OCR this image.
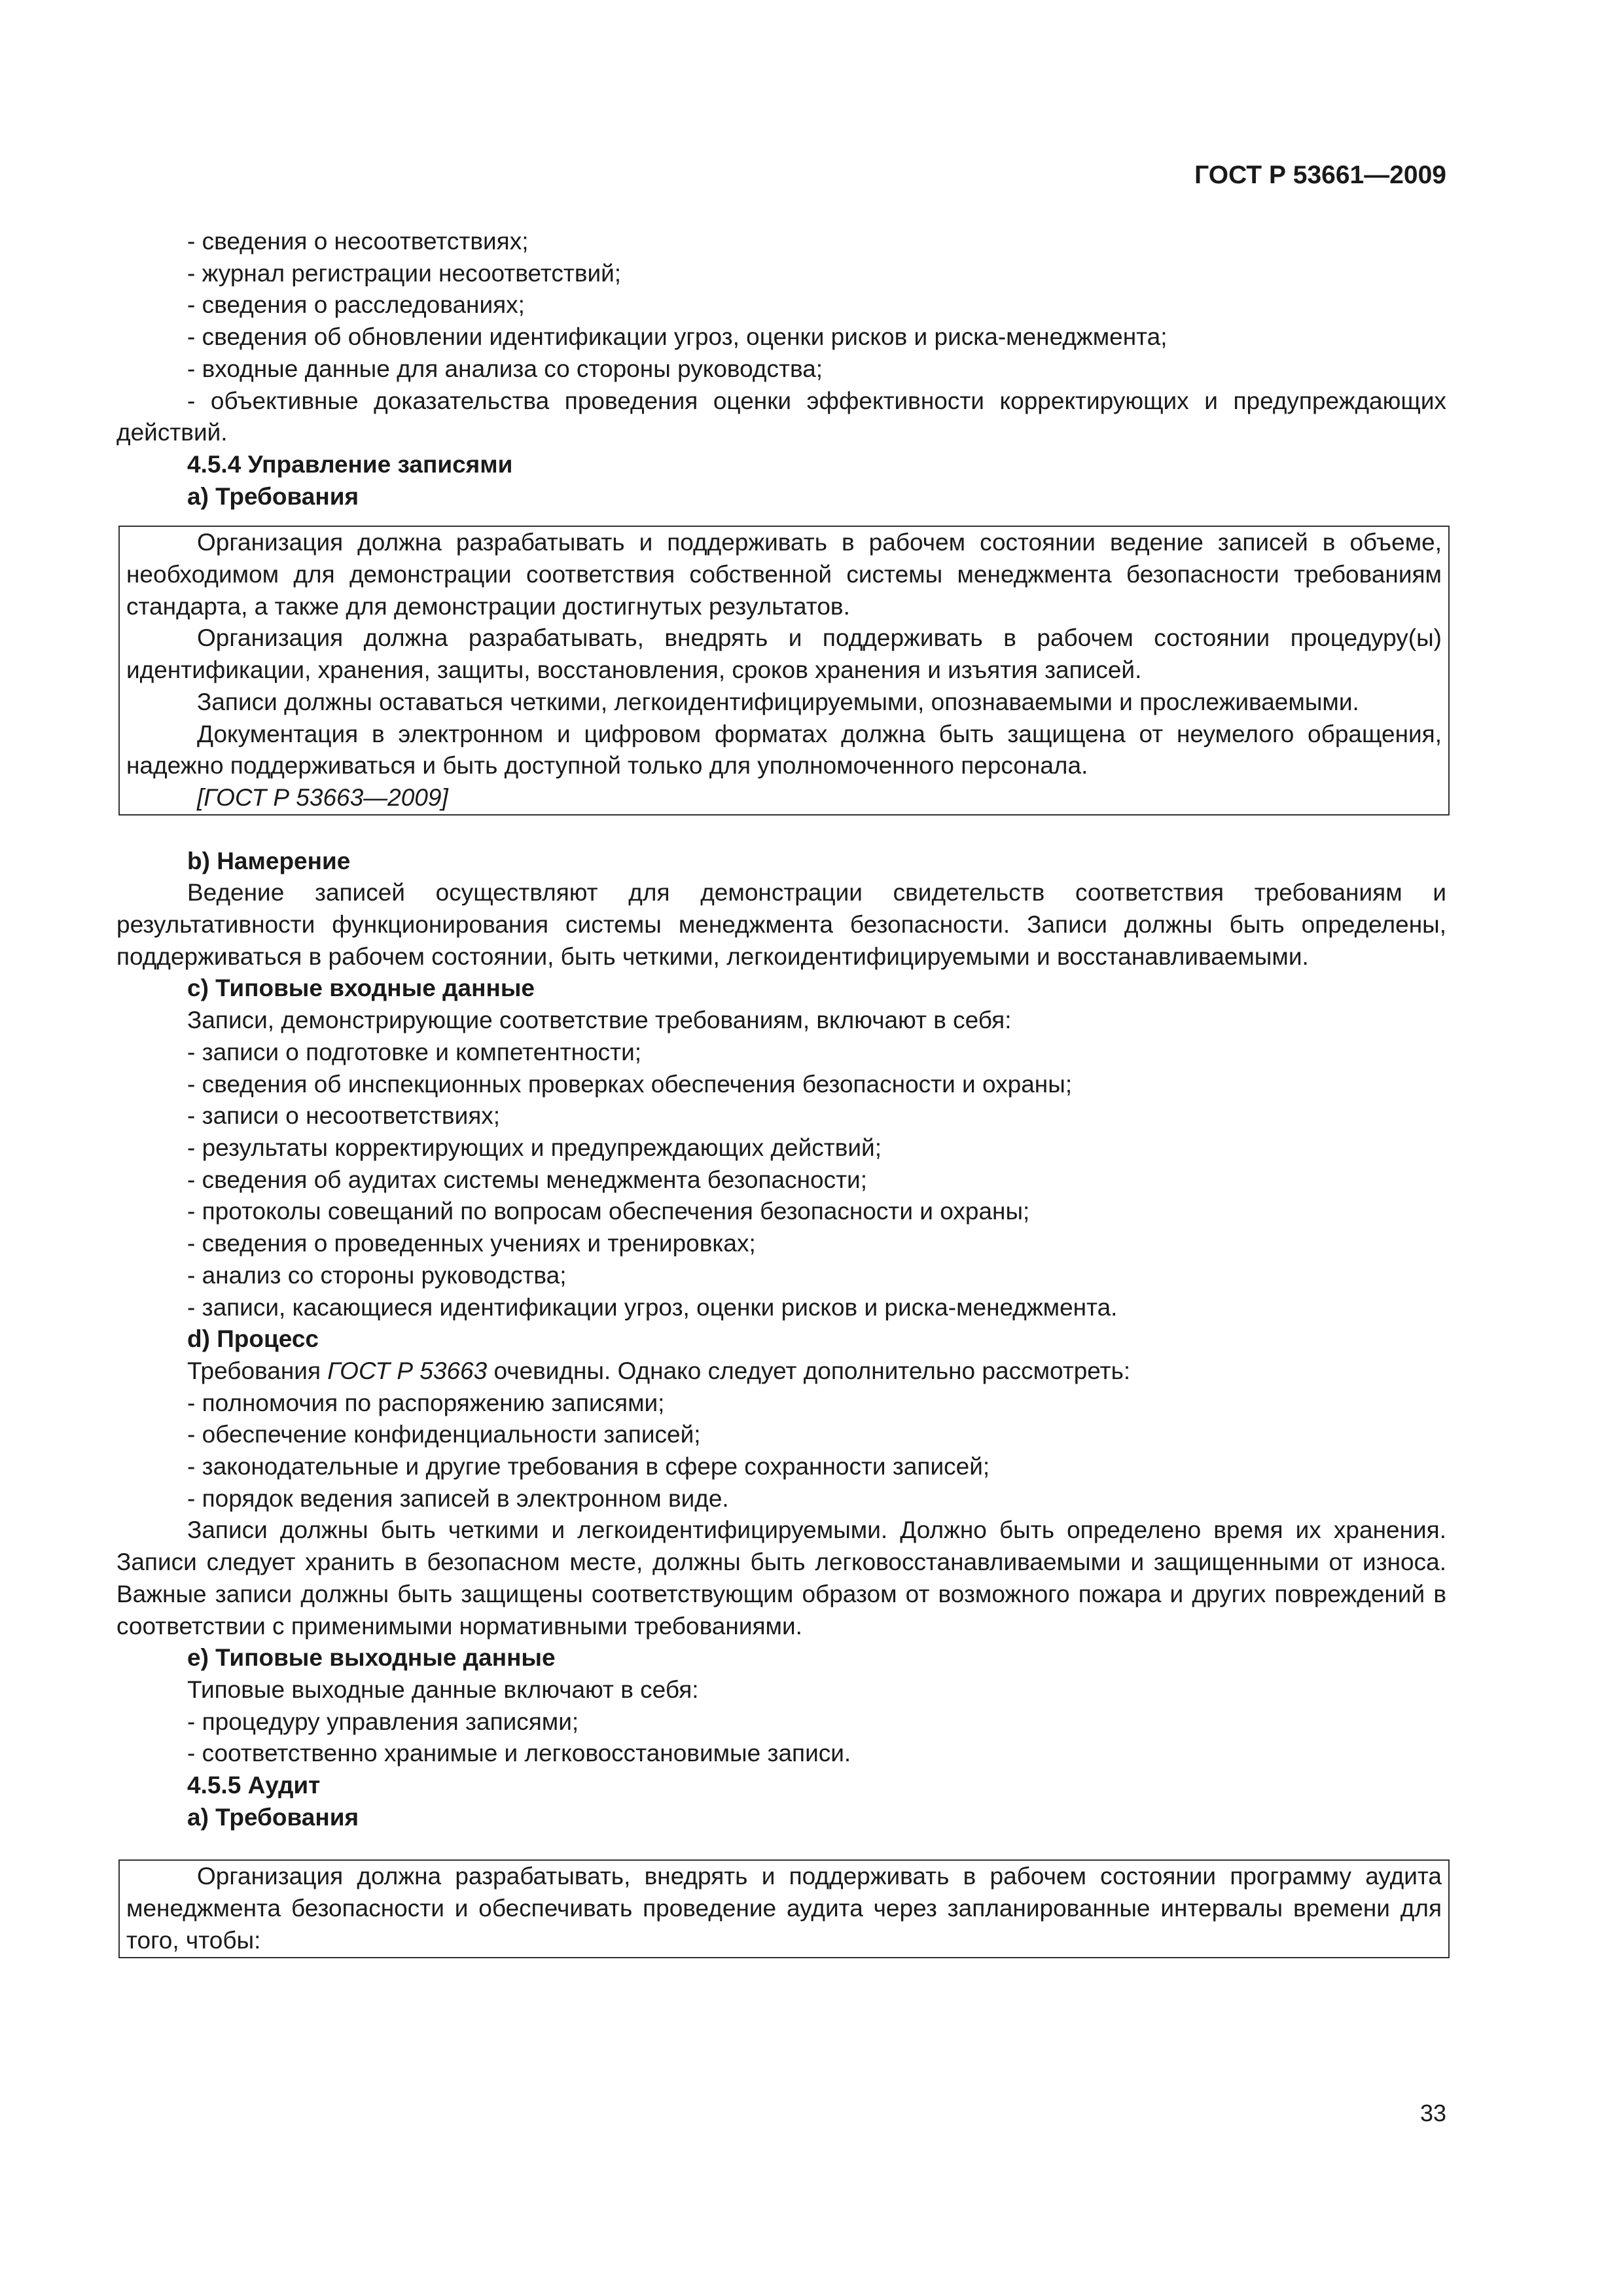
ГОСТ Р 53661—2009
- сведения о несоответствиях;
- журнал регистрации несоответствий;
- сведения о расследованиях;
- сведения об обновлении идентификации угроз, оценки рисков и риска-менеджмента;
- входные данные для анализа со стороны руководства;

- объективные доказательства проведения оценки эффективности корректирующих и предупреждающих действий.

4.5.4 Управление записями
a) Требования

Организация должна разрабатывать и поддерживать в рабочем состоянии ведение записей в объеме, необходимом для демонстрации соответствия собственной системы менеджмента безопасности требованиям стандарта, а также для демонстрации достигнутых результатов.

Организация должна разрабатывать, внедрять и поддерживать в рабочем состоянии процедуру(ы) идентификации, хранения, защиты, восстановления, сроков хранения и изъятия записей.

Записи должны оставаться четкими, легкоидентифицируемыми, опознаваемыми и прослеживаемыми.

Документация в электронном и цифровом форматах должна быть защищена от неумелого обращения, надежно поддерживаться и быть доступной только для уполномоченного персонала.

[ГОСТ Р 53663—2009]

b) Намерение

Ведение записей осуществляют для демонстрации свидетельств соответствия требованиям и результативности функционирования системы менеджмента безопасности. Записи должны быть определены, поддерживаться в рабочем состоянии, быть четкими, легкоидентифицируемыми и восстанавливаемыми.

c) Типовые входные данные
Записи, демонстрирующие соответствие требованиям, включают в себя:
- записи о подготовке и компетентности;
- сведения об инспекционных проверках обеспечения безопасности и охраны;
- записи о несоответствиях;
- результаты корректирующих и предупреждающих действий;
- сведения об аудитах системы менеджмента безопасности;
- протоколы совещаний по вопросам обеспечения безопасности и охраны;
- сведения о проведенных учениях и тренировках;
- анализ со стороны руководства;
- записи, касающиеся идентификации угроз, оценки рисков и риска-менеджмента.
d) Процесс
Требования ГОСТ Р 53663 очевидны. Однако следует дополнительно рассмотреть:
- полномочия по распоряжению записями;
- обеспечение конфиденциальности записей;
- законодательные и другие требования в сфере сохранности записей;
- порядок ведения записей в электронном виде.

Записи должны быть четкими и легкоидентифицируемыми. Должно быть определено время их хранения. Записи следует хранить в безопасном месте, должны быть легковосстанавливаемыми и защищенными от износа. Важные записи должны быть защищены соответствующим образом от возможного пожара и других повреждений в соответствии с применимыми нормативными требованиями.

e) Типовые выходные данные
Типовые выходные данные включают в себя:
- процедуру управления записями;
- соответственно хранимые и легковосстановимые записи.
4.5.5 Аудит
a) Требования

Организация должна разрабатывать, внедрять и поддерживать в рабочем состоянии программу аудита менеджмента безопасности и обеспечивать проведение аудита через запланированные интервалы времени для того, чтобы:

33
